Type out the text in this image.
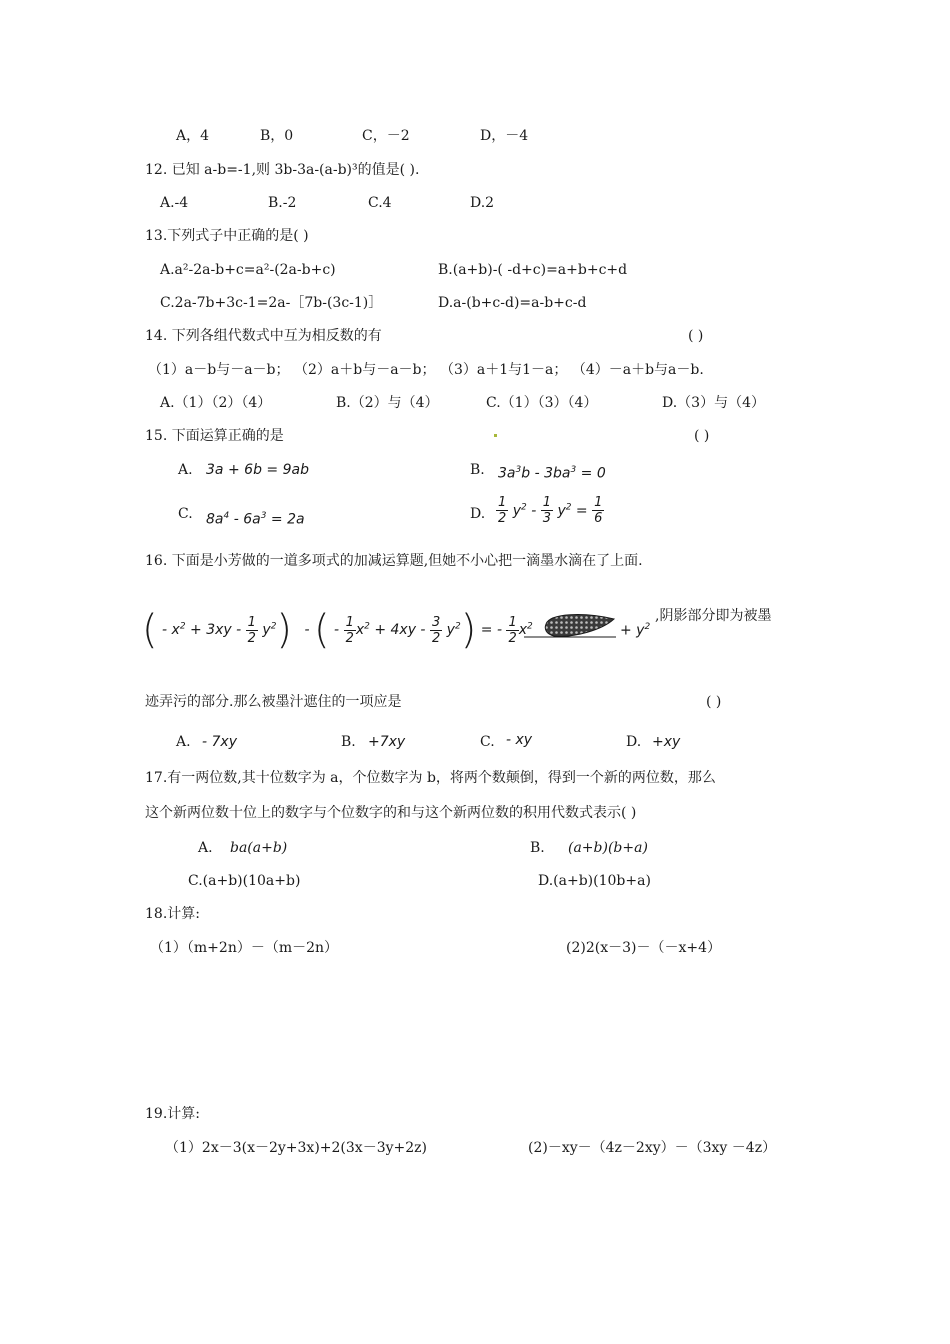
A，4	B，0	C，－2	D，－4
12. 已知 a-b=-1,则 3b-3a-(a-b)³的值是( ).
A.-4	B.-2	C.4	D.2
13.下列式子中正确的是( )
A.a²-2a-b+c=a²-(2a-b+c)	B.(a+b)-( -d+c)=a+b+c+d
C.2a-7b+3c-1=2a-［7b-(3c-1)］	D.a-(b+c-d)=a-b+c-d
14. 下列各组代数式中互为相反数的有	( )
（1）a－b与－a－b； （2）a＋b与－a－b； （3）a＋1与1－a； （4）－a＋b与a－b.
A.（1）（2）（4）	B.（2）与（4）	C.（1）（3）（4）	D.（3）与（4）
15. 下面运算正确的是	( )
A. 3a + 6b = 9ab	B. $3a^3b - 3ba^3 = 0$
C. $8a^4 - 6a^3 = 2a$	D. $\frac{1}{2} y^2 - \frac{1}{3} y^2 = \frac{1}{6}$
16. 下面是小芳做的一道多项式的加减运算题,但她不小心把一滴墨水滴在了上面.
( - $x^2 + 3xy - \frac{1}{2} y^2$) - ( - $\frac{1}{2} x^2 + 4xy - \frac{3}{2} y^2$) = - $\frac{1}{2} x^2$	+ $y^2$
,阴影部分即为被墨
迹弄污的部分.那么被墨汁遮住的一项应是	( )
A. - 7xy	B. +7xy	C. - xy	D. +xy
17.有一两位数,其十位数字为 a，个位数字为 b，将两个数颠倒，得到一个新的两位数，那么
这个新两位数十位上的数字与个位数字的和与这个新两位数的积用代数式表示( )
A. ba(a+b)	B. (a+b)(b+a)
C.(a+b)(10a+b)	D.(a+b)(10b+a)
18.计算:
（1）（m+2n）－（m－2n）	(2)2(x－3)－（－x+4）
19.计算:
（1）2x－3(x－2y+3x)+2(3x－3y+2z)	(2)－xy－（4z－2xy）－（3xy －4z）
